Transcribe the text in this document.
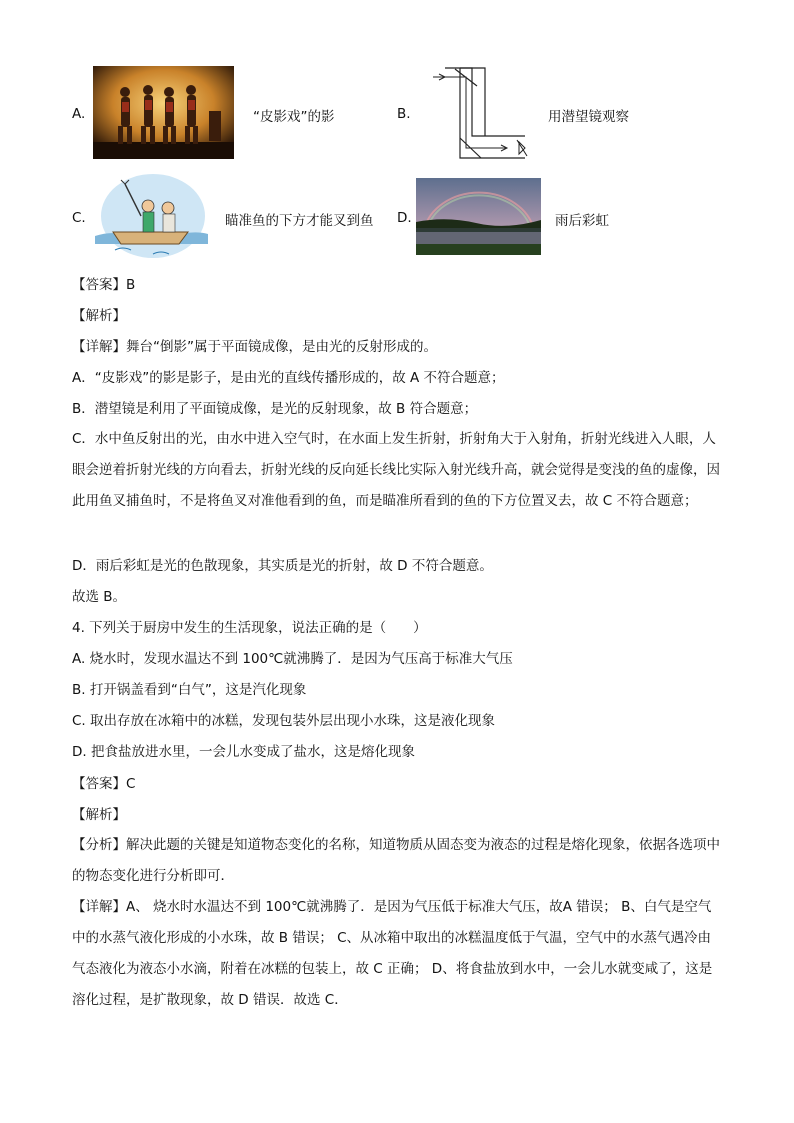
A.	“皮影戏”的影	B.	用潜望镜观察
C.	瞄准鱼的下方才能叉到鱼 D.	雨后彩虹
【答案】B
【解析】
【详解】舞台“倒影”属于平面镜成像，是由光的反射形成的。
A．“皮影戏”的影是影子，是由光的直线传播形成的，故 A 不符合题意；
B．潜望镜是利用了平面镜成像，是光的反射现象，故 B 符合题意；
C．水中鱼反射出的光，由水中进入空气时，在水面上发生折射，折射角大于入射角，折射光线进入人眼，人眼会逆着折射光线的方向看去，折射光线的反向延长线比实际入射光线升高，就会觉得是变浅的鱼的虚像，因此用鱼叉捕鱼时，不是将鱼叉对准他看到的鱼，而是瞄准所看到的鱼的下方位置叉去，故 C 不符合题意；
D．雨后彩虹是光的色散现象，其实质是光的折射，故 D 不符合题意。
故选 B。
4. 下列关于厨房中发生的生活现象，说法正确的是（　　）
A. 烧水时，发现水温达不到 100℃就沸腾了．是因为气压高于标准大气压
B. 打开锅盖看到“白气”，这是汽化现象
C. 取出存放在冰箱中的冰糕，发现包装外层出现小水珠，这是液化现象
D. 把食盐放进水里，一会儿水变成了盐水，这是熔化现象
【答案】C
【解析】
【分析】解决此题的关键是知道物态变化的名称，知道物质从固态变为液态的过程是熔化现象，依据各选项中的物态变化进行分析即可．
【详解】A、 烧水时水温达不到 100℃就沸腾了．是因为气压低于标准大气压，故A 错误； B、白气是空气中的水蒸气液化形成的小水珠，故 B 错误； C、从冰箱中取出的冰糕温度低于气温，空气中的水蒸气遇冷由气态液化为液态小水滴，附着在冰糕的包装上，故 C 正确； D、将食盐放到水中，一会儿水就变咸了，这是溶化过程，是扩散现象，故 D 错误．故选 C．
